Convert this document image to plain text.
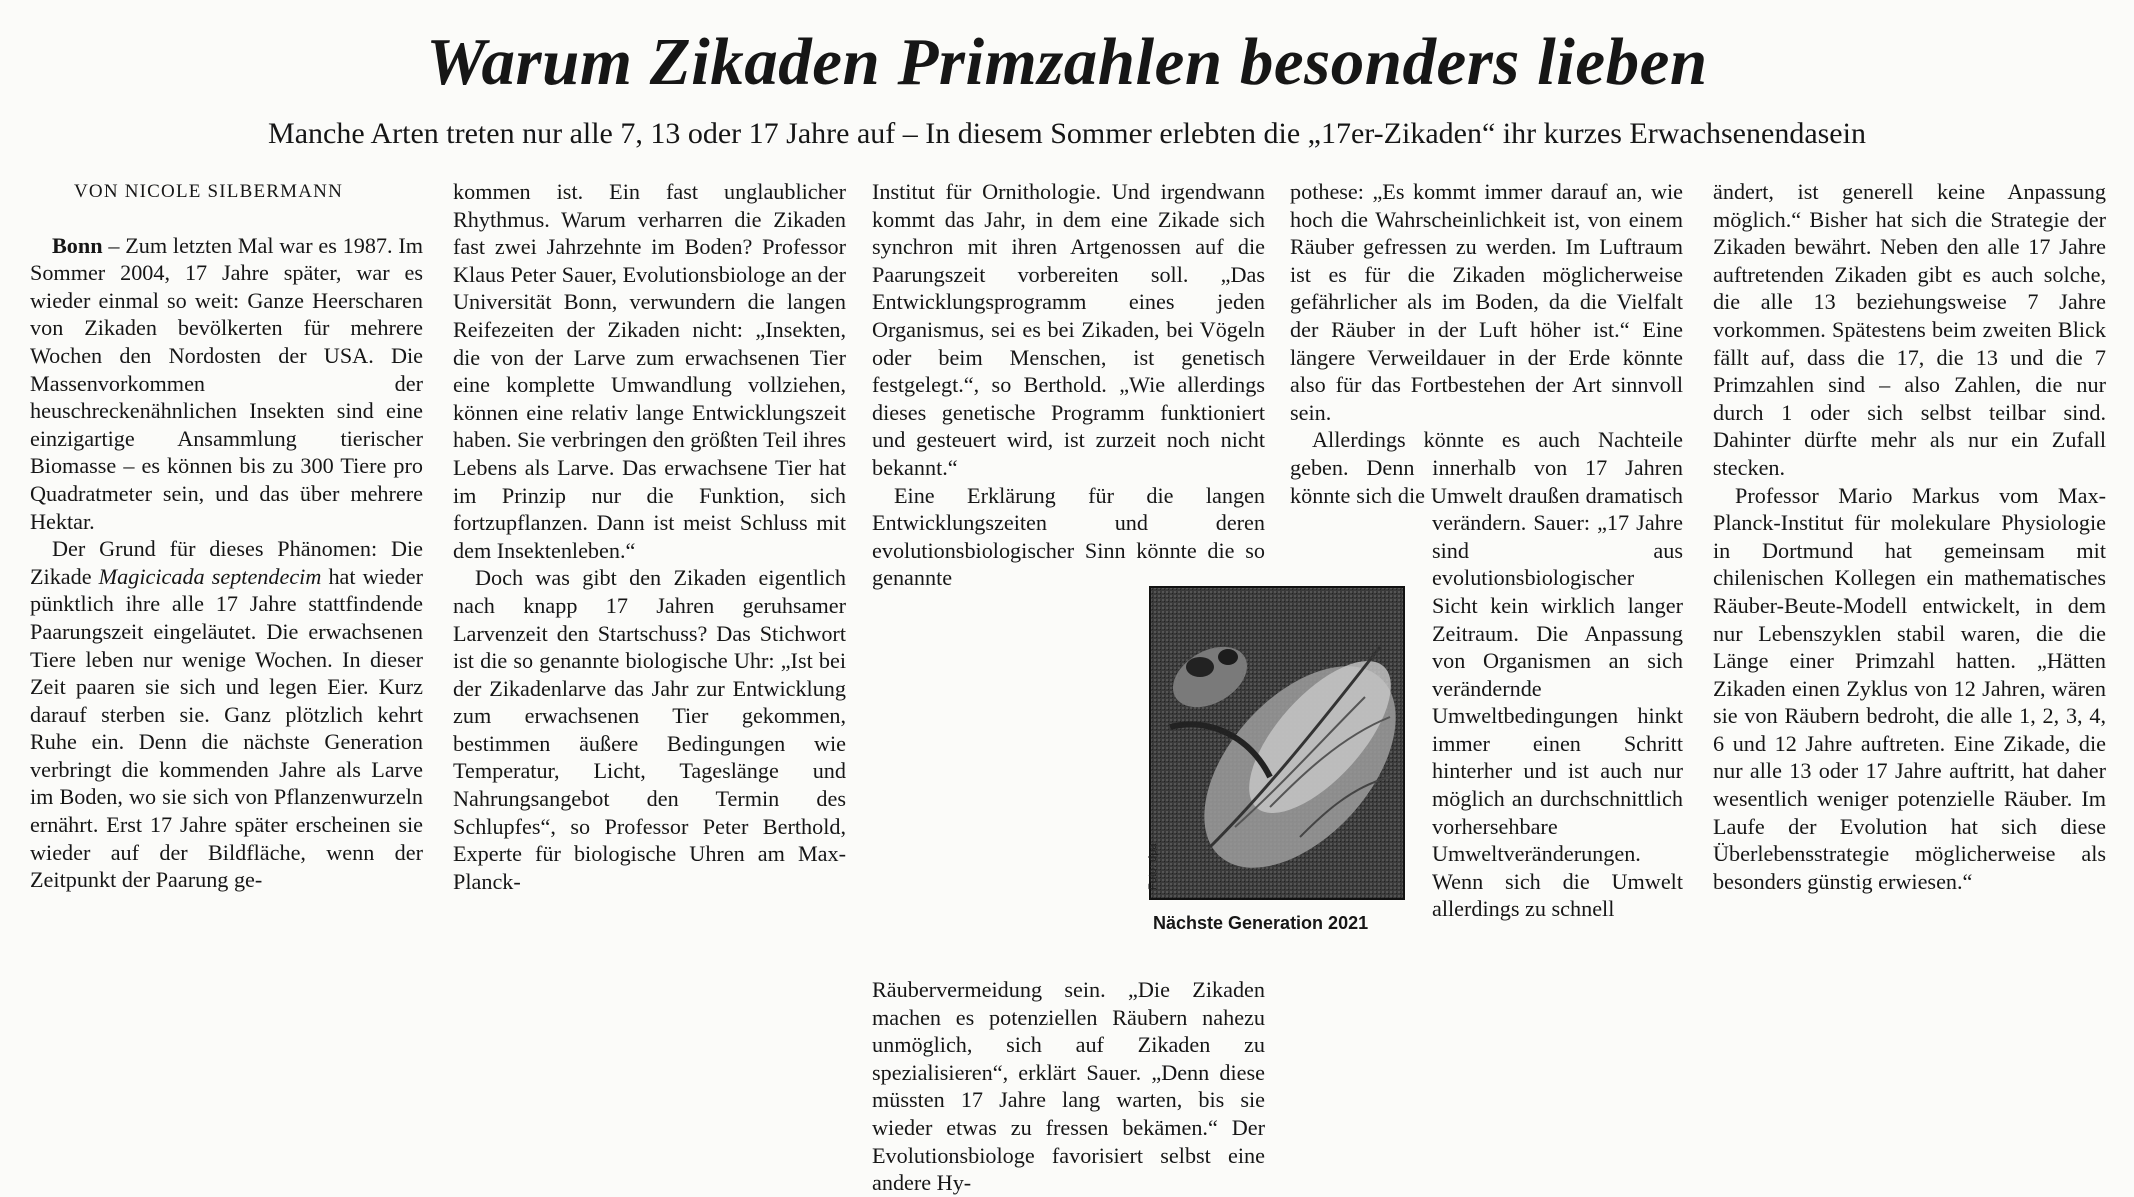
Warum Zikaden Primzahlen besonders lieben
Manche Arten treten nur alle 7, 13 oder 17 Jahre auf – In diesem Sommer erlebten die „17er-Zikaden“ ihr kurzes Erwachsenendasein

VON NICOLE SILBERMANN

Bonn – Zum letzten Mal war es 1987. Im Sommer 2004, 17 Jahre später, war es wieder einmal so weit: Ganze Heerscharen von Zikaden bevölkerten für mehrere Wochen den Nordosten der USA. Die Massenvorkommen der heuschreckenähnlichen Insekten sind eine einzigartige Ansammlung tierischer Biomasse – es können bis zu 300 Tiere pro Quadratmeter sein, und das über mehrere Hektar.

Der Grund für dieses Phänomen: Die Zikade Magicicada septendecim hat wieder pünktlich ihre alle 17 Jahre stattfindende Paarungszeit eingeläutet. Die erwachsenen Tiere leben nur wenige Wochen. In dieser Zeit paaren sie sich und legen Eier. Kurz darauf sterben sie. Ganz plötzlich kehrt Ruhe ein. Denn die nächste Generation verbringt die kommenden Jahre als Larve im Boden, wo sie sich von Pflanzenwurzeln ernährt. Erst 17 Jahre später erscheinen sie wieder auf der Bildfläche, wenn der Zeitpunkt der Paarung ge-

kommen ist. Ein fast unglaublicher Rhythmus. Warum verharren die Zikaden fast zwei Jahrzehnte im Boden? Professor Klaus Peter Sauer, Evolutionsbiologe an der Universität Bonn, verwundern die langen Reifezeiten der Zikaden nicht: „Insekten, die von der Larve zum erwachsenen Tier eine komplette Umwandlung vollziehen, können eine relativ lange Entwicklungszeit haben. Sie verbringen den größten Teil ihres Lebens als Larve. Das erwachsene Tier hat im Prinzip nur die Funktion, sich fortzupflanzen. Dann ist meist Schluss mit dem Insektenleben.“

Doch was gibt den Zikaden eigentlich nach knapp 17 Jahren geruhsamer Larvenzeit den Startschuss? Das Stichwort ist die so genannte biologische Uhr: „Ist bei der Zikadenlarve das Jahr zur Entwicklung zum erwachsenen Tier gekommen, bestimmen äußere Bedingungen wie Temperatur, Licht, Tageslänge und Nahrungsangebot den Termin des Schlupfes“, so Professor Peter Berthold, Experte für biologische Uhren am Max-Planck-

Institut für Ornithologie. Und irgendwann kommt das Jahr, in dem eine Zikade sich synchron mit ihren Artgenossen auf die Paarungszeit vorbereiten soll. „Das Entwicklungsprogramm eines jeden Organismus, sei es bei Zikaden, bei Vögeln oder beim Menschen, ist genetisch festgelegt.“, so Berthold. „Wie allerdings dieses genetische Programm funktioniert und gesteuert wird, ist zurzeit noch nicht bekannt.“

Eine Erklärung für die langen Entwicklungszeiten und deren evolutionsbiologischer Sinn könnte die so genannte Räubervermeidung sein. „Die Zikaden machen es potenziellen Räubern nahezu unmöglich, sich auf Zikaden zu spezialisieren“, erklärt Sauer. „Denn diese müssten 17 Jahre lang warten, bis sie wieder etwas zu fressen bekämen.“ Der Evolutionsbiologe favorisiert selbst eine andere Hy-

pothese: „Es kommt immer darauf an, wie hoch die Wahrscheinlichkeit ist, von einem Räuber gefressen zu werden. Im Luftraum ist es für die Zikaden möglicherweise gefährlicher als im Boden, da die Vielfalt der Räuber in der Luft höher ist.“ Eine längere Verweildauer in der Erde könnte also für das Fortbestehen der Art sinnvoll sein.

Allerdings könnte es auch Nachteile geben. Denn innerhalb von 17 Jahren könnte sich die Umwelt draußen dramatisch verändern. Sauer: „17 Jahre sind aus evolutionsbiologischer Sicht kein wirklich langer Zeitraum. Die Anpassung von Organismen an sich verändernde Umweltbedingungen hinkt immer einen Schritt hinterher und ist auch nur möglich an durchschnittlich vorhersehbare Umweltveränderungen. Wenn sich die Umwelt allerdings zu schnell

ändert, ist generell keine Anpassung möglich.“ Bisher hat sich die Strategie der Zikaden bewährt. Neben den alle 17 Jahre auftretenden Zikaden gibt es auch solche, die alle 13 beziehungsweise 7 Jahre vorkommen. Spätestens beim zweiten Blick fällt auf, dass die 17, die 13 und die 7 Primzahlen sind – also Zahlen, die nur durch 1 oder sich selbst teilbar sind. Dahinter dürfte mehr als nur ein Zufall stecken.

Professor Mario Markus vom Max-Planck-Institut für molekulare Physiologie in Dortmund hat gemeinsam mit chilenischen Kollegen ein mathematisches Räuber-Beute-Modell entwickelt, in dem nur Lebenszyklen stabil waren, die die Länge einer Primzahl hatten. „Hätten Zikaden einen Zyklus von 12 Jahren, wären sie von Räubern bedroht, die alle 1, 2, 3, 4, 6 und 12 Jahre auftreten. Eine Zikade, die nur alle 13 oder 17 Jahre auftritt, hat daher wesentlich weniger potenzielle Räuber. Im Laufe der Evolution hat sich diese Überlebensstrategie möglicherweise als besonders günstig erwiesen.“

Foto: dpa
Nächste Generation 2021
